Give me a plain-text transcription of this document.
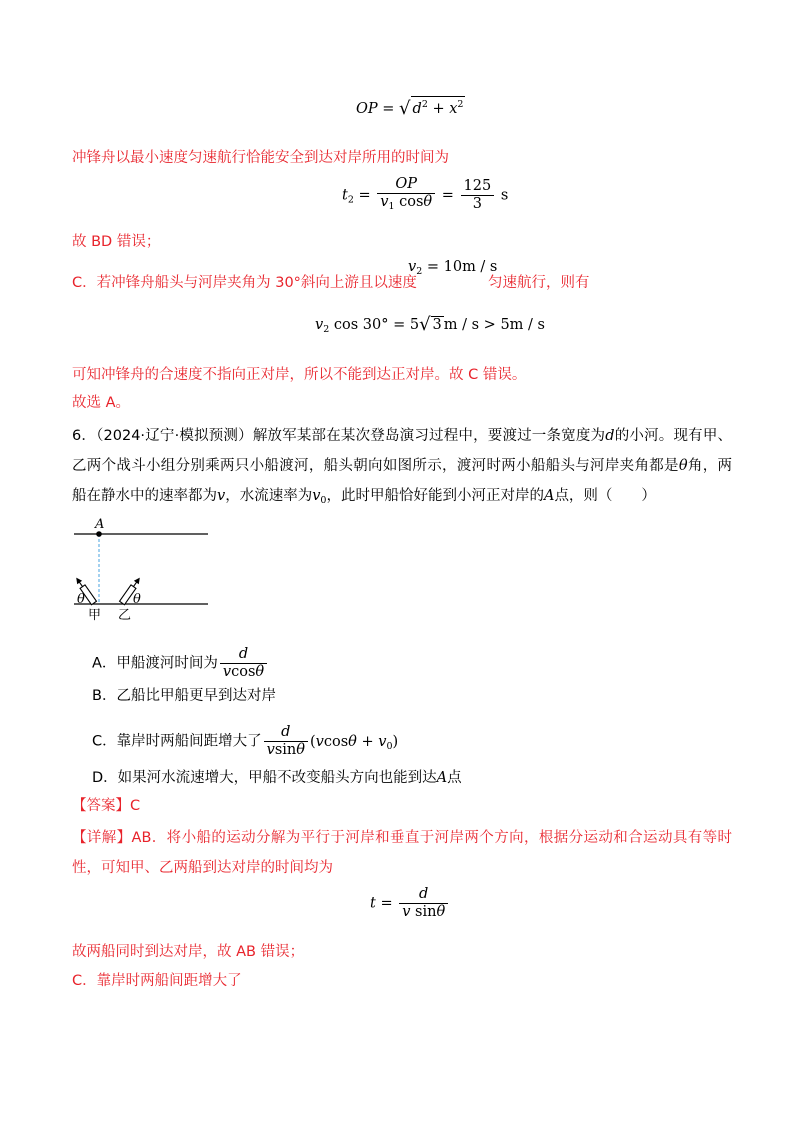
OP = √ $d^2 + x^2$
冲锋舟以最小速度匀速航行恰能安全到达对岸所用的时间为
$t_2 = \frac{OP}{v_1 \cos\theta} = \frac{125}{3}$ s
故 BD 错误；
C．若冲锋舟船头与河岸夹角为 30°斜向上游且以速度
$v_2 = 10m / s$
匀速航行，则有
$v_2$ cos 30° = 5√ 3 m / s > 5m / s
可知冲锋舟的合速度不指向正对岸，所以不能到达正对岸。故 C 错误。
故选 A。
6．（2024·辽宁·模拟预测）解放军某部在某次登岛演习过程中，要渡过一条宽度为d的小河。现有甲、乙两个战斗小组分别乘两只小船渡河，船头朝向如图所示，渡河时两小船船头与河岸夹角都是θ角，两船在静水中的速率都为v，水流速率为$v_0$，此时甲船恰好能到小河正对岸的A点，则（　　）
A
θ	θ
甲 乙
A．甲船渡河时间为 $\frac{d}{vcos\theta}$
B．乙船比甲船更早到达对岸
C．靠岸时两船间距增大了 $\frac{d}{vsin\theta} (vcos\theta + v_0)$
D．如果河水流速增大，甲船不改变船头方向也能到达A点
【答案】C
【详解】AB．将小船的运动分解为平行于河岸和垂直于河岸两个方向，根据分运动和合运动具有等时性，可知甲、乙两船到达对岸的时间均为
$t = \frac{d}{\text{v sinθ}}$
故两船同时到达对岸，故 AB 错误；
C．靠岸时两船间距增大了
